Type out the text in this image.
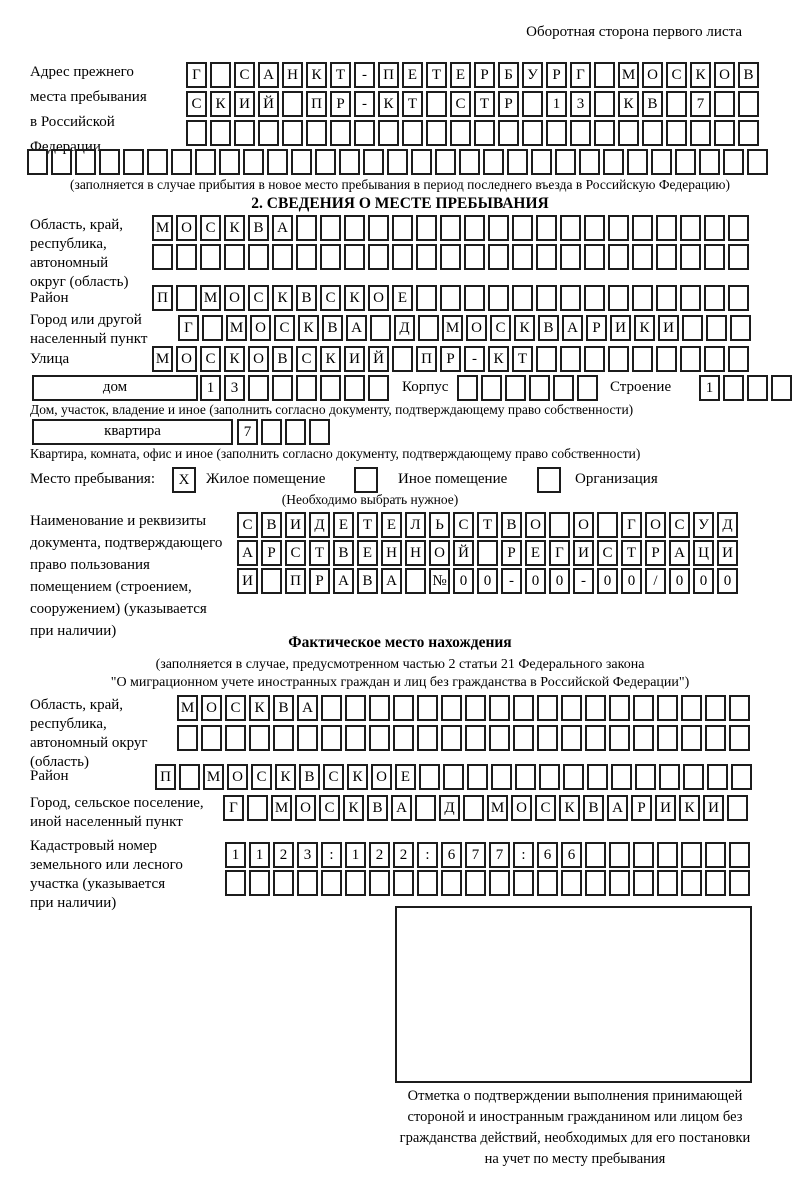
Оборотная сторона первого листа
Адрес прежнего
места пребывания
в Российской
Федерации
Г	С А Н К Т	-	П Е Т Е	Р	Б У Р	Г	М О С К О В
С К И Й	П Р	-	К Т	С Т	Р	1	3	К В	7
(заполняется в случае прибытия в новое место пребывания в период последнего въезда в Российскую Федерацию)
2. СВЕДЕНИЯ О МЕСТЕ ПРЕБЫВАНИЯ
Область, край,
республика,
автономный
округ (область)
М О С К В А
Район	П	М О С К В С К О Е
Город или другой
населенный пункт
Г	М О С К В А	Д	М О С К В А Р И К И
Улица	М О С К О В С К И Й	П Р	-	К Т
дом	1	3	Корпус	Строение	1
Дом, участок, владение и иное (заполнить согласно документу, подтверждающему право собственности)
квартира	7
Квартира, комната, офис и иное (заполнить согласно документу, подтверждающему право собственности)
Место пребывания:	X	Жилое помещение	Иное помещение	Организация
(Необходимо выбрать нужное)
Наименование и реквизиты
документа, подтверждающего
право пользования
помещением (строением,
сооружением) (указывается
при наличии)
С В И Д Е Т Е Л Ь С Т В О	О	Г О С У Д
А Р С Т В Е Н Н О Й	Р	Е	Г И С Т	Р А Ц И
И	П Р А В А	№ 0	0	-	0	0	-	0	0	/	0	0	0
Фактическое место нахождения
(заполняется в случае, предусмотренном частью 2 статьи 21 Федерального закона
"О миграционном учете иностранных граждан и лиц без гражданства в Российской Федерации")
Область, край,
республика,
автономный округ
(область)
М О С К В А
Район	П	М О С К В С К О Е
Город, сельское поселение,
иной населенный пункт
Г	М О С К В А	Д	М О С К В А Р И К И
Кадастровый номер
земельного или лесного
участка (указывается
при наличии)
1	1	2	3	:	1	2	2	:	6	7	7	:	6	6
Отметка о подтверждении выполнения принимающей
стороной и иностранным гражданином или лицом без
гражданства действий, необходимых для его постановки
на учет по месту пребывания
